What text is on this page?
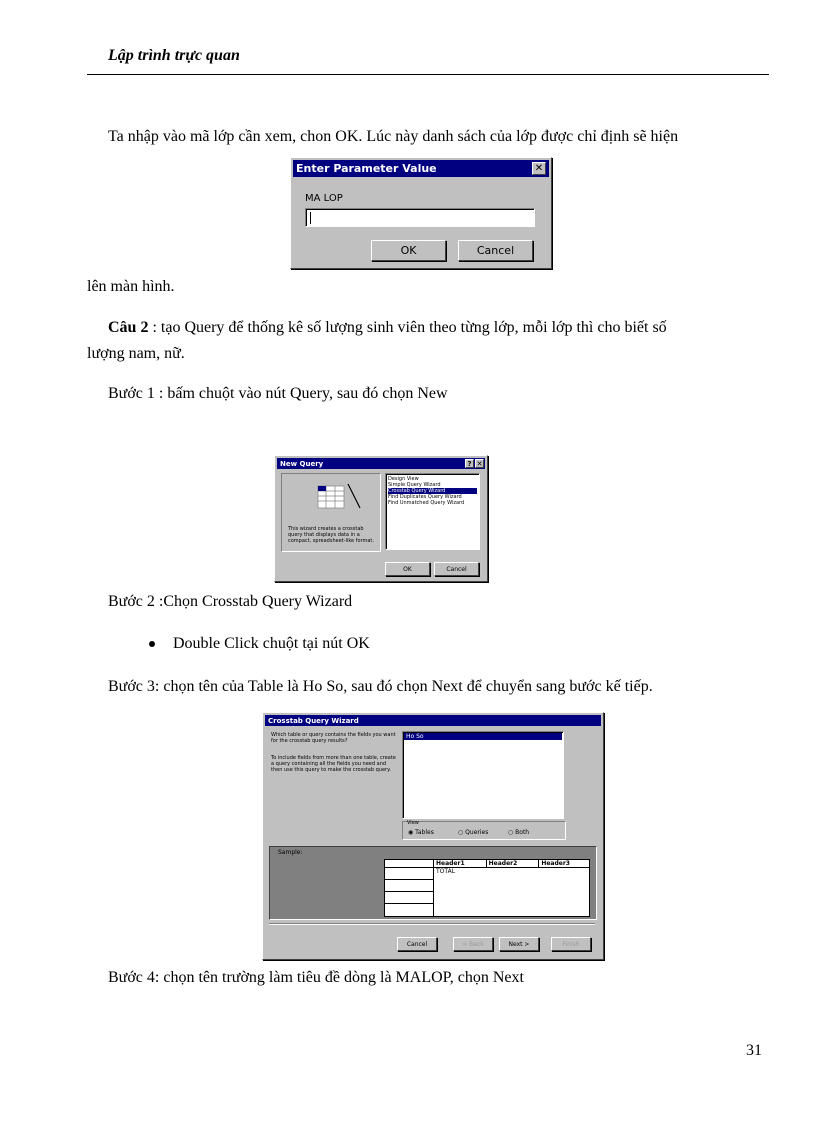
Lập trình trực quan
Ta nhập vào mã lớp cần xem, chon OK. Lúc này danh sách của lớp được chỉ định sẽ hiện
Enter Parameter Value	✕
MA LOP
OK	Cancel
lên màn hình.
Câu 2 : tạo Query để thống kê số lượng sinh viên theo từng lớp, mỗi lớp thì cho biết số
lượng nam, nữ.
Bước 1 : bấm chuột vào nút Query, sau đó chọn New
New Query	? ✕
This wizard creates a crosstab query that displays data in a compact, spreadsheet-like format.
Design View
Simple Query Wizard
Crosstab Query Wizard
Find Duplicates Query Wizard
Find Unmatched Query Wizard
OK	Cancel
Bước 2 :Chọn Crosstab Query Wizard
Double Click chuột tại nút OK
Bước 3: chọn tên của Table là Ho So, sau đó chọn Next để chuyển sang bước kế tiếp.
Crosstab Query Wizard
Which table or query contains the fields you want for the crosstab query results?
To include fields from more than one table, create a query containing all the fields you need and then use this query to make the crosstab query.
Ho So
View
◉ Tables	○ Queries	○ Both
Sample:
Header1	Header2	Header3
TOTAL
Cancel	< Back	Next >	Finish
Bước 4: chọn tên trường làm tiêu đề dòng là MALOP, chọn Next
31
